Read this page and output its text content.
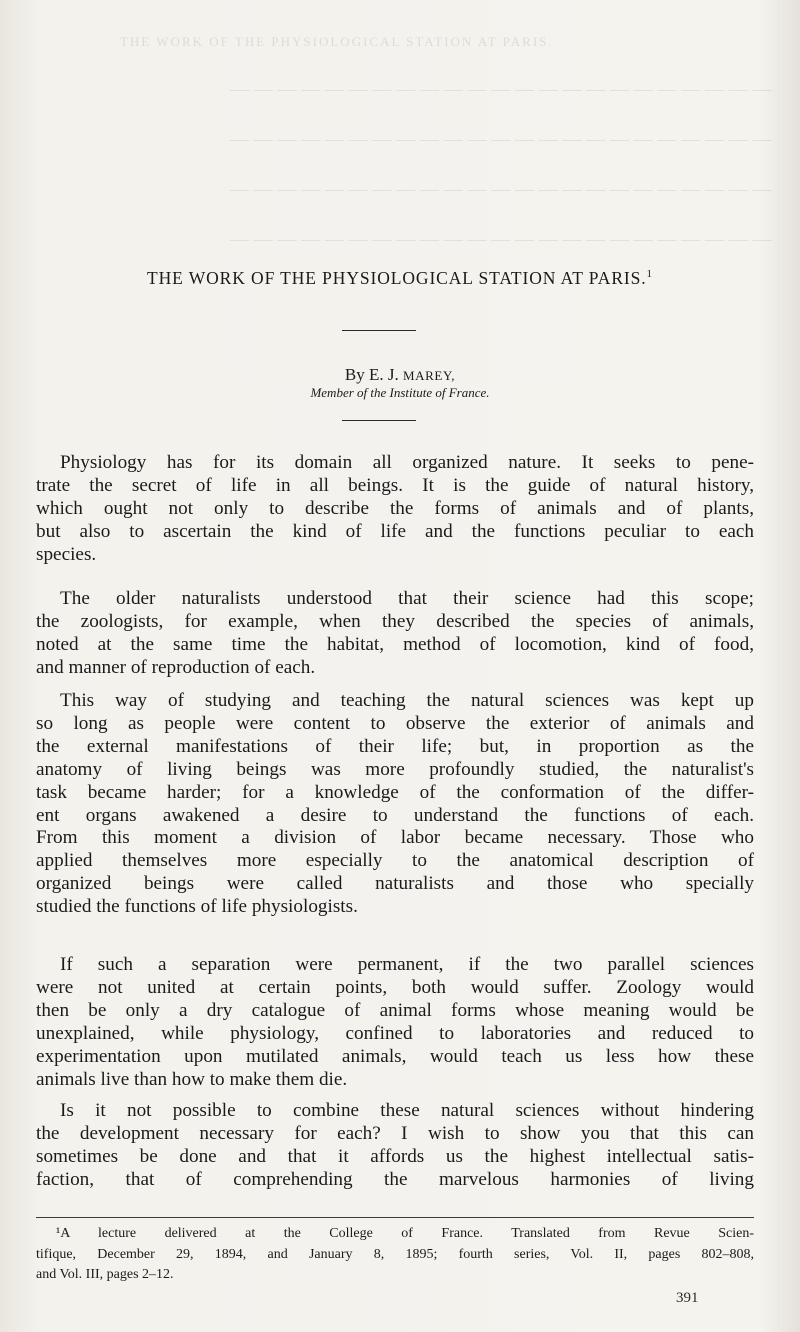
THE WORK OF THE PHYSIOLOGICAL STATION AT PARIS.
— — — — — — — — — — — — — — — — — — — — — — —
— — — — — — — — — — — — — — — — — — — — — — —
— — — — — — — — — — — — — — — — — — — — — — —
— — — — — — — — — — — — — — — — — — — — — — —
THE WORK OF THE PHYSIOLOGICAL STATION AT PARIS.$^1$
By E. J. MAREY,
Member of the Institute of France.
Physiology has for its domain all organized nature. It seeks to pene-
trate the secret of life in all beings. It is the guide of natural history,
which ought not only to describe the forms of animals and of plants,
but also to ascertain the kind of life and the functions peculiar to each
species.
The older naturalists understood that their science had this scope;
the zoologists, for example, when they described the species of animals,
noted at the same time the habitat, method of locomotion, kind of food,
and manner of reproduction of each.
This way of studying and teaching the natural sciences was kept up
so long as people were content to observe the exterior of animals and
the external manifestations of their life; but, in proportion as the
anatomy of living beings was more profoundly studied, the naturalist's
task became harder; for a knowledge of the conformation of the differ-
ent organs awakened a desire to understand the functions of each.
From this moment a division of labor became necessary. Those who
applied themselves more especially to the anatomical description of
organized beings were called naturalists and those who specially
studied the functions of life physiologists.
If such a separation were permanent, if the two parallel sciences
were not united at certain points, both would suffer. Zoology would
then be only a dry catalogue of animal forms whose meaning would be
unexplained, while physiology, confined to laboratories and reduced to
experimentation upon mutilated animals, would teach us less how these
animals live than how to make them die.
Is it not possible to combine these natural sciences without hindering
the development necessary for each? I wish to show you that this can
sometimes be done and that it affords us the highest intellectual satis-
faction, that of comprehending the marvelous harmonies of living
¹A lecture delivered at the College of France. Translated from Revue Scien-
tifique, December 29, 1894, and January 8, 1895; fourth series, Vol. II, pages 802–808,
and Vol. III, pages 2–12.
391
